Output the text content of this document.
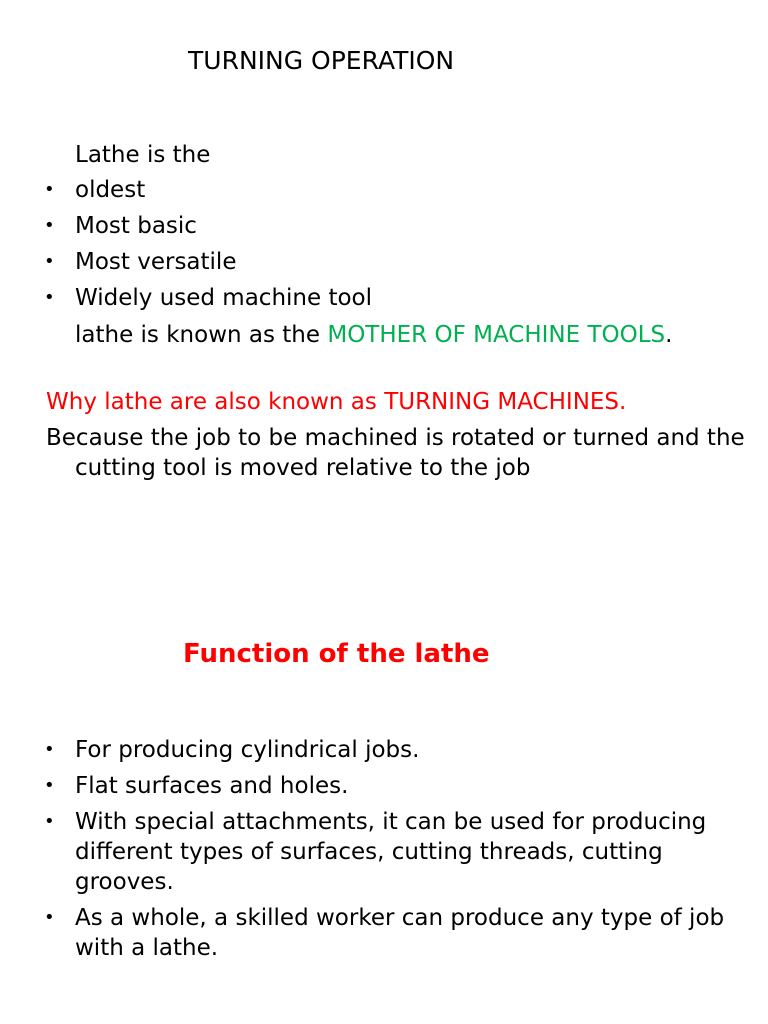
TURNING OPERATION

Lathe is the

• oldest
• Most basic
• Most versatile
• Widely used machine tool

lathe is known as the MOTHER OF MACHINE TOOLS.

Why lathe are also known as TURNING MACHINES.

Because the job to be machined is rotated or turned and the cutting tool is moved relative to the job

Function of the lathe
• For producing cylindrical jobs.
• Flat surfaces and holes.
• With special attachments, it can be used for producing different types of surfaces, cutting threads, cutting grooves.
• As a whole, a skilled worker can produce any type of job with a lathe.
